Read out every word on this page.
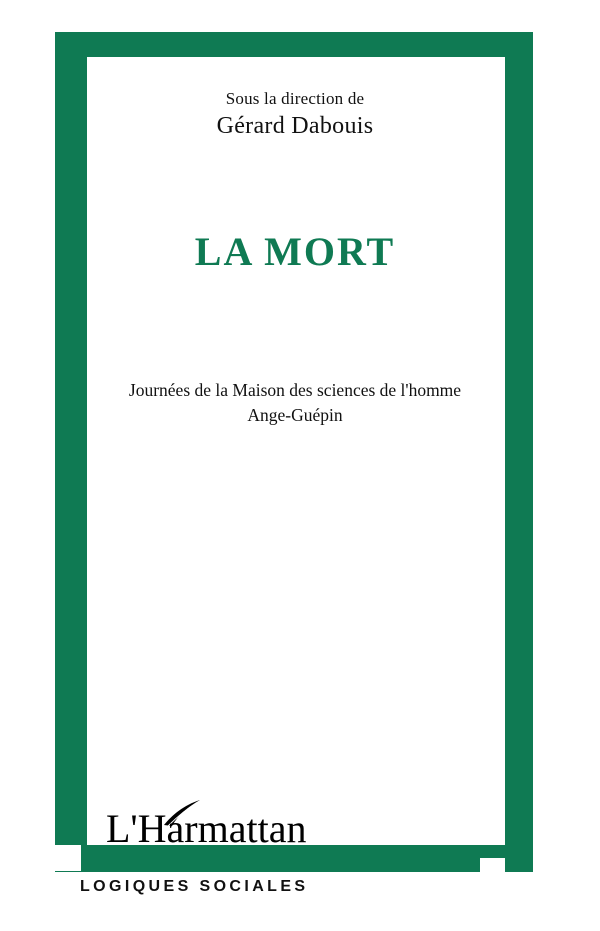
Sous la direction de
Gérard Dabouis
LA MORT
Journées de la Maison des sciences de l'homme
Ange-Guépin
L'Harmattan
LOGIQUES SOCIALES
